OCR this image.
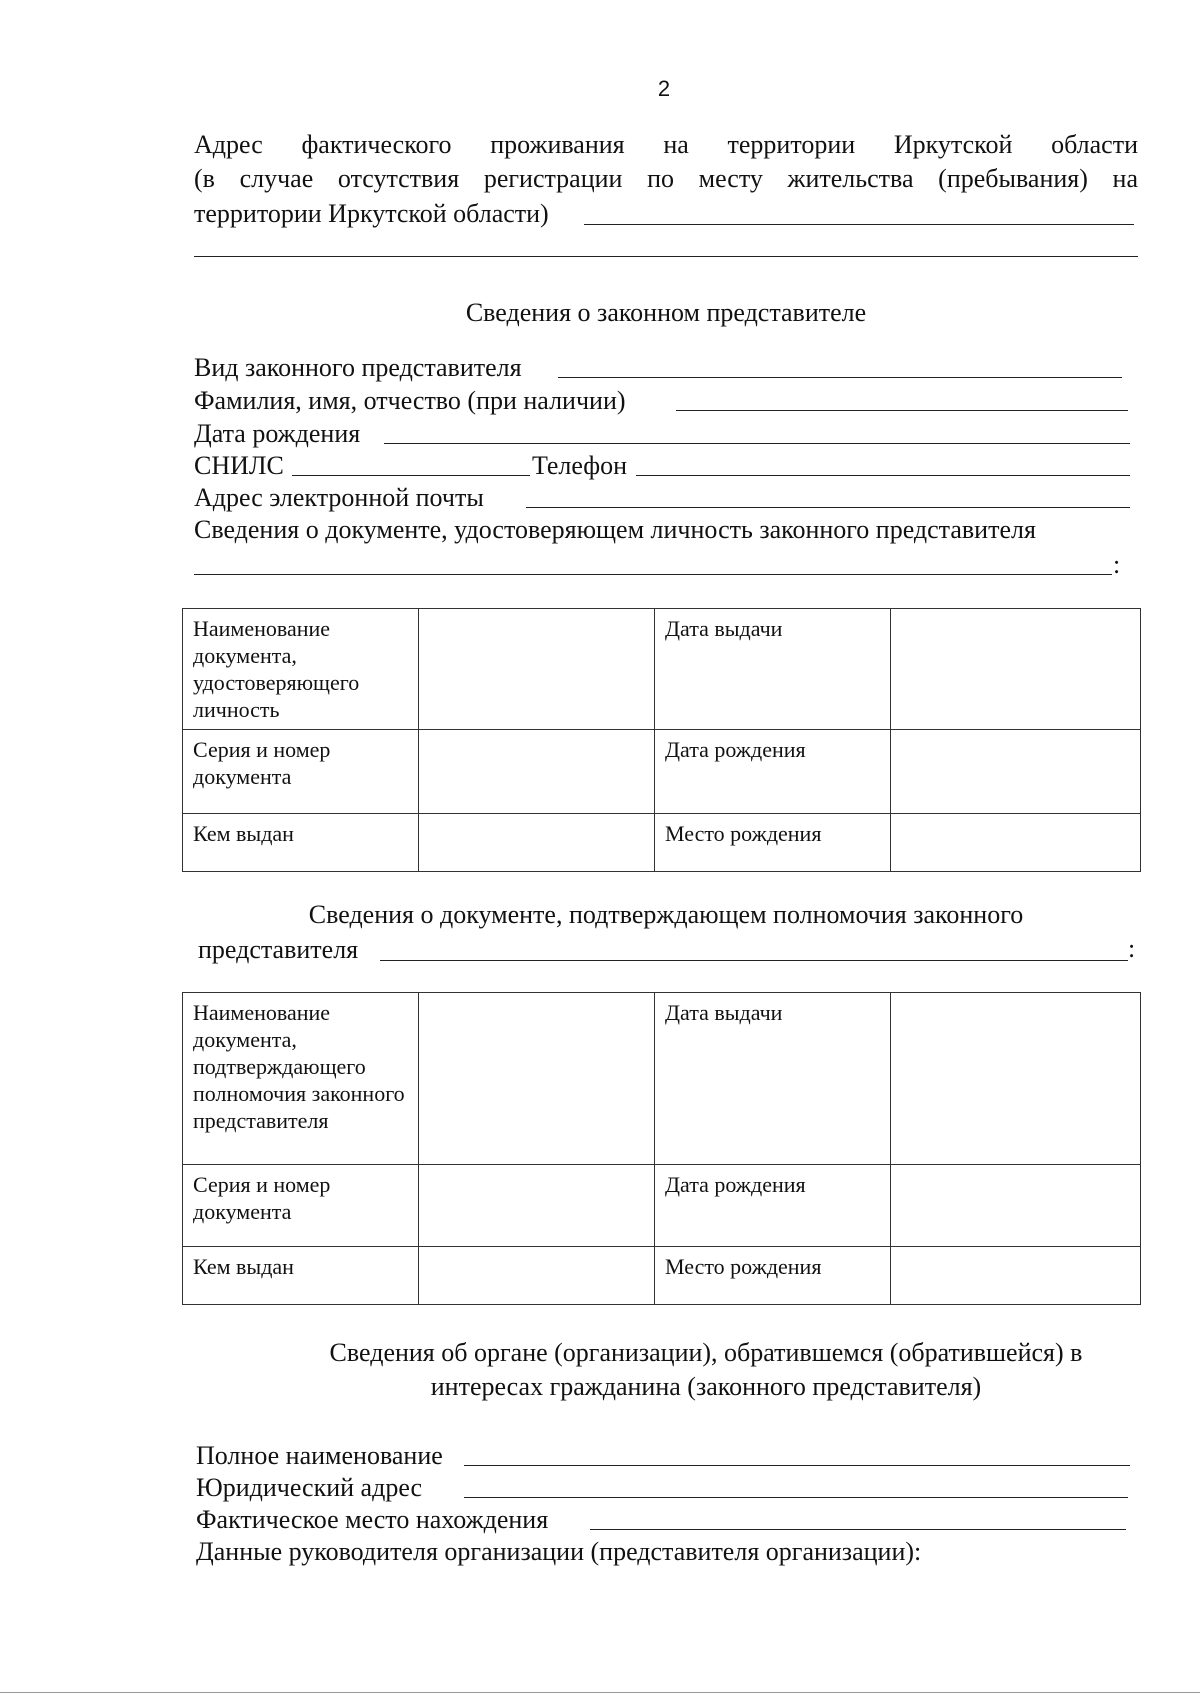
2
Адрес фактического проживания на территории Иркутской области
(в случае отсутствия регистрации по месту жительства (пребывания) на
территории Иркутской области)
Сведения о законном представителе
Вид законного представителя
Фамилия, имя, отчество (при наличии)
Дата рождения
СНИЛС	Телефон
Адрес электронной почты
Сведения о документе, удостоверяющем личность законного представителя
:
Наименование документа, удостоверяющего личность		Дата выдачи	
Серия и номер документа		Дата рождения	
Кем выдан		Место рождения	
Сведения о документе, подтверждающем полномочия законного
представителя	:
Наименование документа, подтверждающего полномочия законного представителя		Дата выдачи	
Серия и номер документа		Дата рождения	
Кем выдан		Место рождения	
Сведения об органе (организации), обратившемся (обратившейся) в
интересах гражданина (законного представителя)
Полное наименование
Юридический адрес
Фактическое место нахождения
Данные руководителя организации (представителя организации):
